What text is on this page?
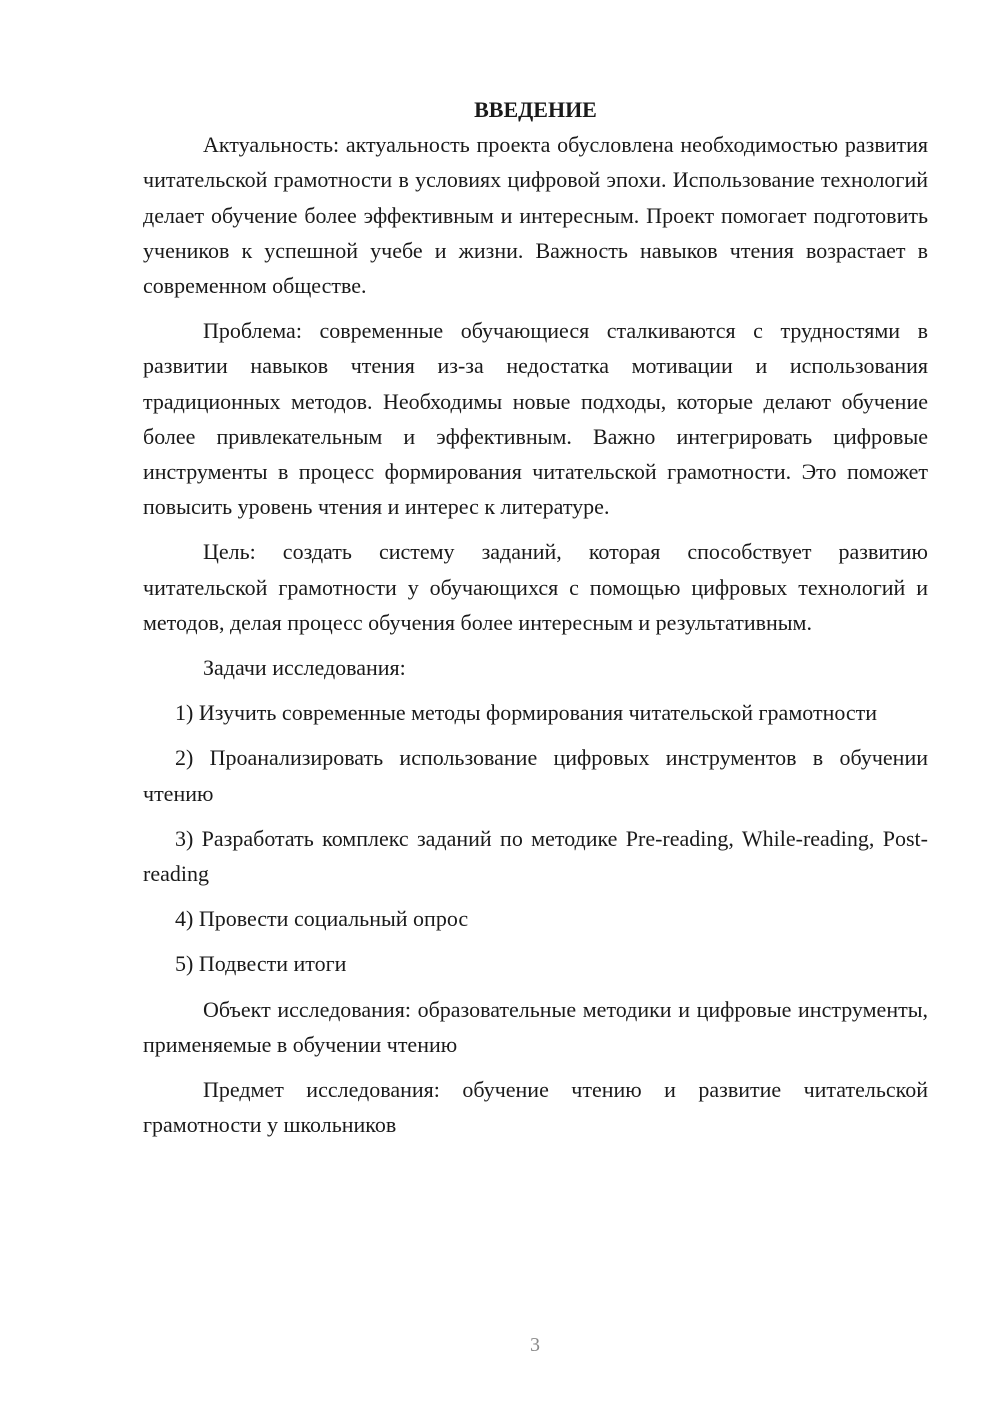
ВВЕДЕНИЕ

Актуальность: актуальность проекта обусловлена необходимостью развития читательской грамотности в условиях цифровой эпохи. Использование технологий делает обучение более эффективным и интересным. Проект помогает подготовить учеников к успешной учебе и жизни. Важность навыков чтения возрастает в современном обществе.

Проблема: современные обучающиеся сталкиваются с трудностями в развитии навыков чтения из-за недостатка мотивации и использования традиционных методов. Необходимы новые подходы, которые делают обучение более привлекательным и эффективным. Важно интегрировать цифровые инструменты в процесс формирования читательской грамотности. Это поможет повысить уровень чтения и интерес к литературе.

Цель: создать систему заданий, которая способствует развитию читательской грамотности у обучающихся с помощью цифровых технологий и методов, делая процесс обучения более интересным и результативным.

Задачи исследования:

1) Изучить современные методы формирования читательской грамотности

2) Проанализировать использование цифровых инструментов в обучении чтению

3) Разработать комплекс заданий по методике Pre-reading, While-reading, Post-reading

4) Провести социальный опрос

5) Подвести итоги

Объект исследования: образовательные методики и цифровые инструменты, применяемые в обучении чтению

Предмет исследования: обучение чтению и развитие читательской грамотности у школьников

3
